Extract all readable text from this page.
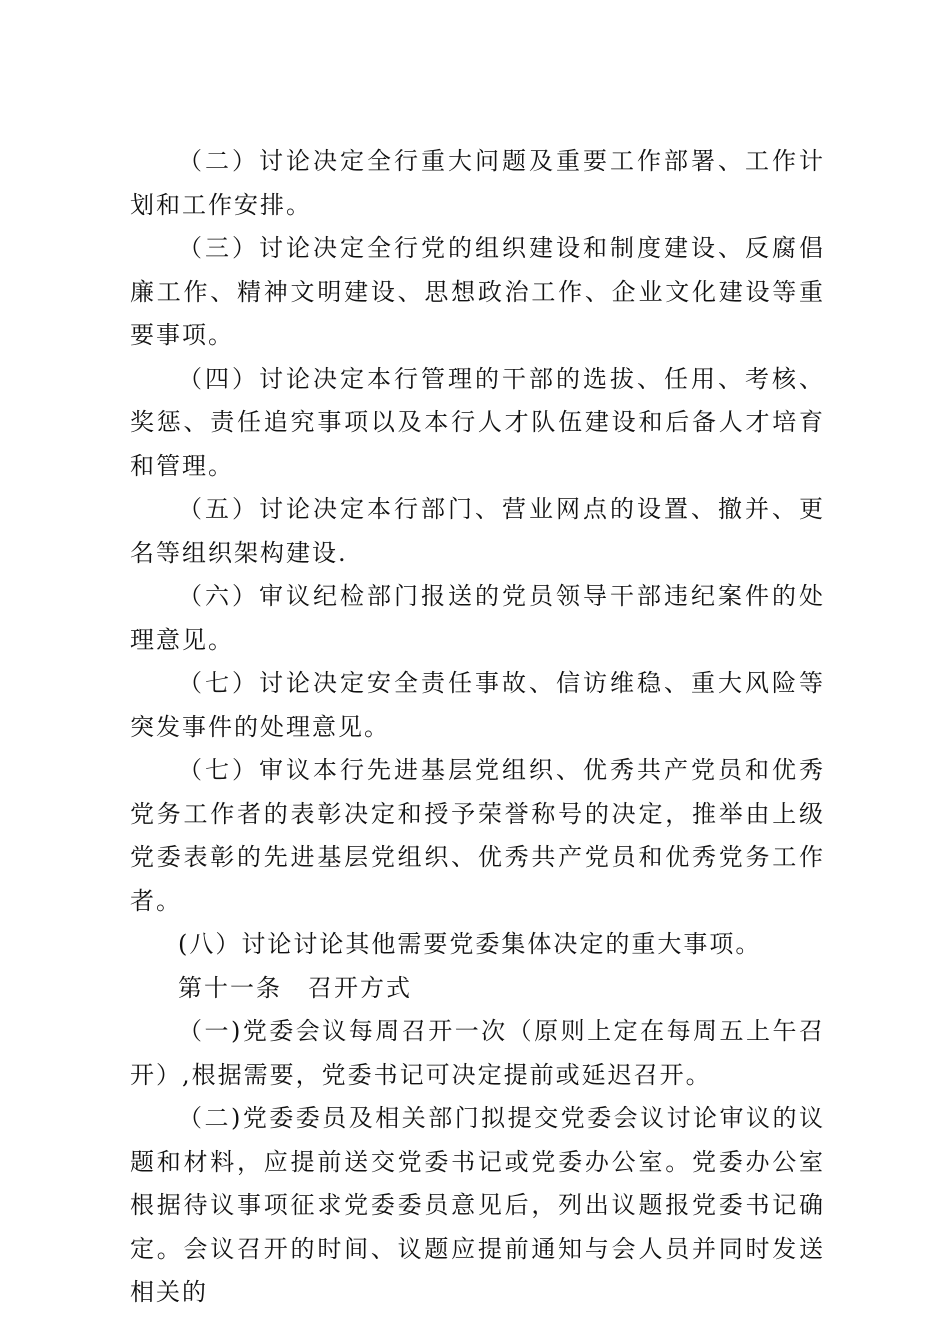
（二）讨论决定全行重大问题及重要工作部署、工作计划和工作安排。

（三）讨论决定全行党的组织建设和制度建设、反腐倡廉工作、精神文明建设、思想政治工作、企业文化建设等重要事项。

（四）讨论决定本行管理的干部的选拔、任用、考核、奖惩、责任追究事项以及本行人才队伍建设和后备人才培育和管理。

（五）讨论决定本行部门、营业网点的设置、撤并、更名等组织架构建设.

（六）审议纪检部门报送的党员领导干部违纪案件的处理意见。

（七）讨论决定安全责任事故、信访维稳、重大风险等突发事件的处理意见。

（七）审议本行先进基层党组织、优秀共产党员和优秀党务工作者的表彰决定和授予荣誉称号的决定，推举由上级党委表彰的先进基层党组织、优秀共产党员和优秀党务工作者。

(八）讨论讨论其他需要党委集体决定的重大事项。

第十一条　召开方式

（一)党委会议每周召开一次（原则上定在每周五上午召开）,根据需要，党委书记可决定提前或延迟召开。

（二)党委委员及相关部门拟提交党委会议讨论审议的议题和材料，应提前送交党委书记或党委办公室。党委办公室根据待议事项征求党委委员意见后，列出议题报党委书记确定。会议召开的时间、议题应提前通知与会人员并同时发送相关的
